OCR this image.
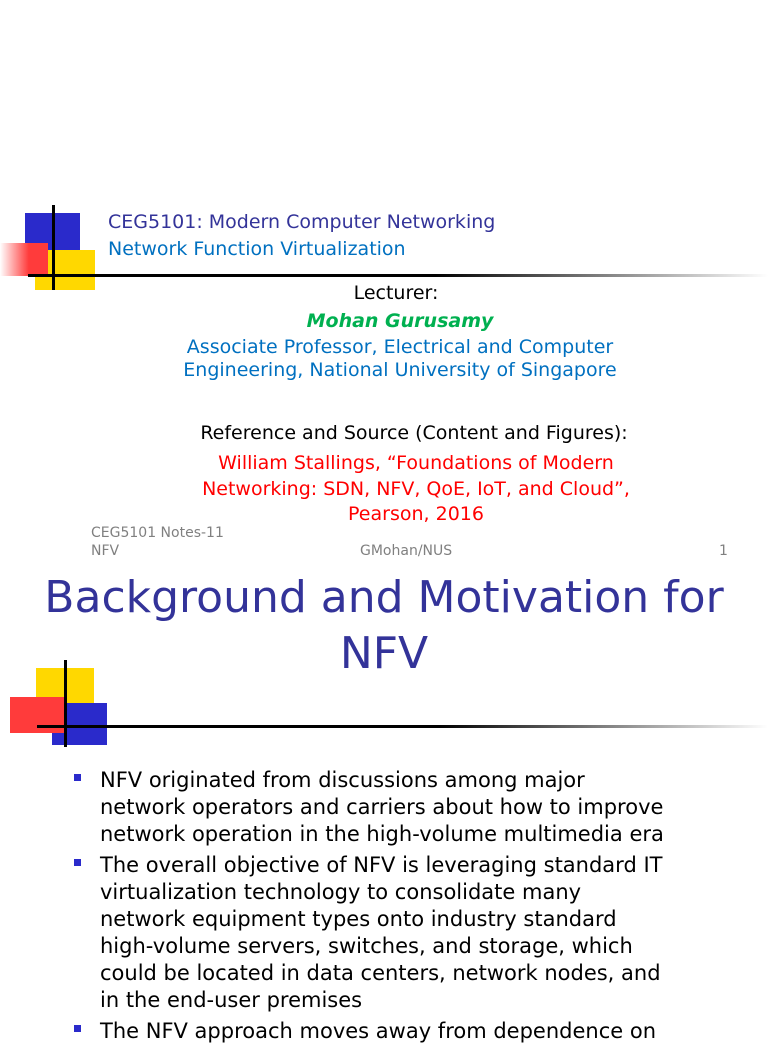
CEG5101: Modern Computer Networking
Network Function Virtualization
Lecturer:
Mohan Gurusamy
Associate Professor, Electrical and Computer
Engineering, National University of Singapore
Reference and Source (Content and Figures):
William Stallings, “Foundations of Modern
Networking: SDN, NFV, QoE, IoT, and Cloud”,
Pearson, 2016
CEG5101 Notes-11
NFV	GMohan/NUS	1
Background and Motivation for
NFV
NFV originated from discussions among major
network operators and carriers about how to improve
network operation in the high-volume multimedia era
The overall objective of NFV is leveraging standard IT
virtualization technology to consolidate many
network equipment types onto industry standard
high-volume servers, switches, and storage, which
could be located in data centers, network nodes, and
in the end-user premises
The NFV approach moves away from dependence on
